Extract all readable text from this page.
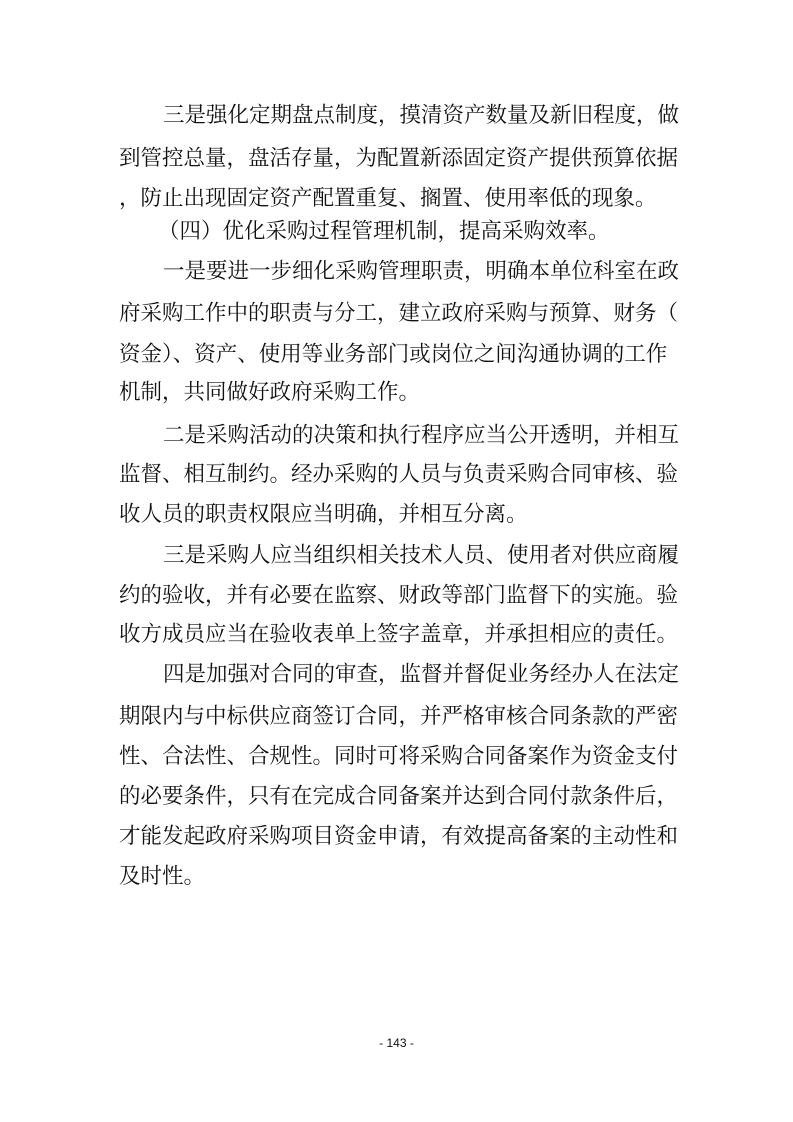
三是强化定期盘点制度，摸清资产数量及新旧程度，做
到管控总量，盘活存量，为配置新添固定资产提供预算依据
，防止出现固定资产配置重复、搁置、使用率低的现象。
（四）优化采购过程管理机制，提高采购效率。
一是要进一步细化采购管理职责，明确本单位科室在政
府采购工作中的职责与分工，建立政府采购与预算、财务（
资金）、资产、使用等业务部门或岗位之间沟通协调的工作
机制，共同做好政府采购工作。
二是采购活动的决策和执行程序应当公开透明，并相互
监督、相互制约。经办采购的人员与负责采购合同审核、验
收人员的职责权限应当明确，并相互分离。
三是采购人应当组织相关技术人员、使用者对供应商履
约的验收，并有必要在监察、财政等部门监督下的实施。验
收方成员应当在验收表单上签字盖章，并承担相应的责任。
四是加强对合同的审查，监督并督促业务经办人在法定
期限内与中标供应商签订合同，并严格审核合同条款的严密
性、合法性、合规性。同时可将采购合同备案作为资金支付
的必要条件，只有在完成合同备案并达到合同付款条件后，
才能发起政府采购项目资金申请，有效提高备案的主动性和
及时性。
- 143 -
